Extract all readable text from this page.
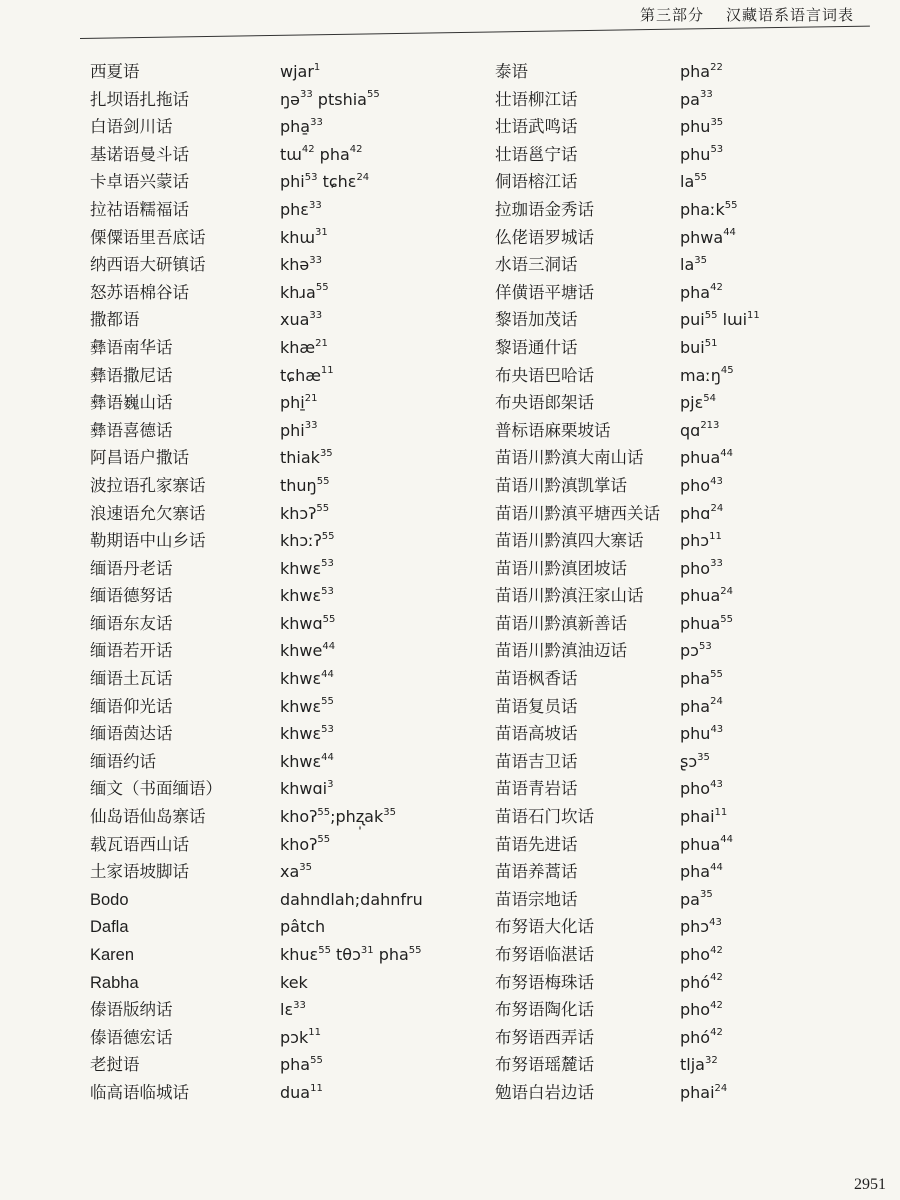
第三部分 汉藏语系语言词表
西夏语	wjar$^1$
扎坝语扎拖话	ŋə$^{33}$ ptshia$^{55}$
白语剑川话	pha̱$^{33}$
基诺语曼斗话	tɯ$^{42}$ pha$^{42}$
卡卓语兴蒙话	phi$^{53}$ tɕhɛ$^{24}$
拉祜语糯福话	phɛ$^{33}$
傈僳语里吾底话	khɯ$^{31}$
纳西语大研镇话	khə$^{33}$
怒苏语棉谷话	khɹa$^{55}$
撒都语	xua$^{33}$
彝语南华话	khæ$^{21}$
彝语撒尼话	tɕhæ$^{11}$
彝语巍山话	phi̱$^{21}$
彝语喜德话	phi$^{33}$
阿昌语户撒话	thiak$^{35}$
波拉语孔家寨话	thuŋ$^{55}$
浪速语允欠寨话	khɔʔ$^{55}$
勒期语中山乡话	khɔːʔ$^{55}$
缅语丹老话	khwɛ$^{53}$
缅语德努话	khwɛ$^{53}$
缅语东友话	khwɑ$^{55}$
缅语若开话	khwe$^{44}$
缅语土瓦话	khwɛ$^{44}$
缅语仰光话	khwɛ$^{55}$
缅语茵达话	khwɛ$^{53}$
缅语约话	khwɛ$^{44}$
缅文（书面缅语）	khwɑi$^3$
仙岛语仙岛寨话	$khoʔ^{55};phʐ̩ak^{35}$
载瓦语西山话	khoʔ$^{55}$
土家语坡脚话	$xa^{35}$
Bodo	dahndlah;dahnfru
Dafla	pâtch
Karen	khuɛ$^{55}$ tθɔ$^{31}$ pha$^{55}$
Rabha	kek
傣语版纳话	lɛ$^{33}$
傣语德宏话	pɔk$^{11}$
老挝语	pha$^{55}$
临高语临城话	dua$^{11}$
泰语	pha$^{22}$
壮语柳江话	$pa^{33}$
壮语武鸣话	phu$^{35}$
壮语邕宁话	phu$^{53}$
侗语榕江话	$la^{55}$
拉珈语金秀话	phaːk$^{55}$
仫佬语罗城话	phwa$^{44}$
水语三洞话	$la^{35}$
佯僙语平塘话	pha$^{42}$
黎语加茂话	pui$^{55}$ lɯi$^{11}$
黎语通什话	bui$^{51}$
布央语巴哈话	maːŋ$^{45}$
布央语郎架话	pjɛ$^{54}$
普标语麻栗坡话	qɑ$^{213}$
苗语川黔滇大南山话	phua$^{44}$
苗语川黔滇凯掌话	pho$^{43}$
苗语川黔滇平塘西关话	phɑ$^{24}$
苗语川黔滇四大寨话	phɔ$^{11}$
苗语川黔滇团坡话	pho$^{33}$
苗语川黔滇汪家山话	phua$^{24}$
苗语川黔滇新善话	phua$^{55}$
苗语川黔滇油迈话	pɔ$^{53}$
苗语枫香话	pha$^{55}$
苗语复员话	pha$^{24}$
苗语高坡话	phu$^{43}$
苗语吉卫话	ʂɔ$^{35}$
苗语青岩话	pho$^{43}$
苗语石门坎话	phai$^{11}$
苗语先进话	phua$^{44}$
苗语养蒿话	pha$^{44}$
苗语宗地话	$pa^{35}$
布努语大化话	phɔ$^{43}$
布努语临湛话	pho$^{42}$
布努语梅珠话	phó$^{42}$
布努语陶化话	pho$^{42}$
布努语西弄话	phó$^{42}$
布努语瑶麓话	tlja$^{32}$
勉语白岩边话	phai$^{24}$
2951
